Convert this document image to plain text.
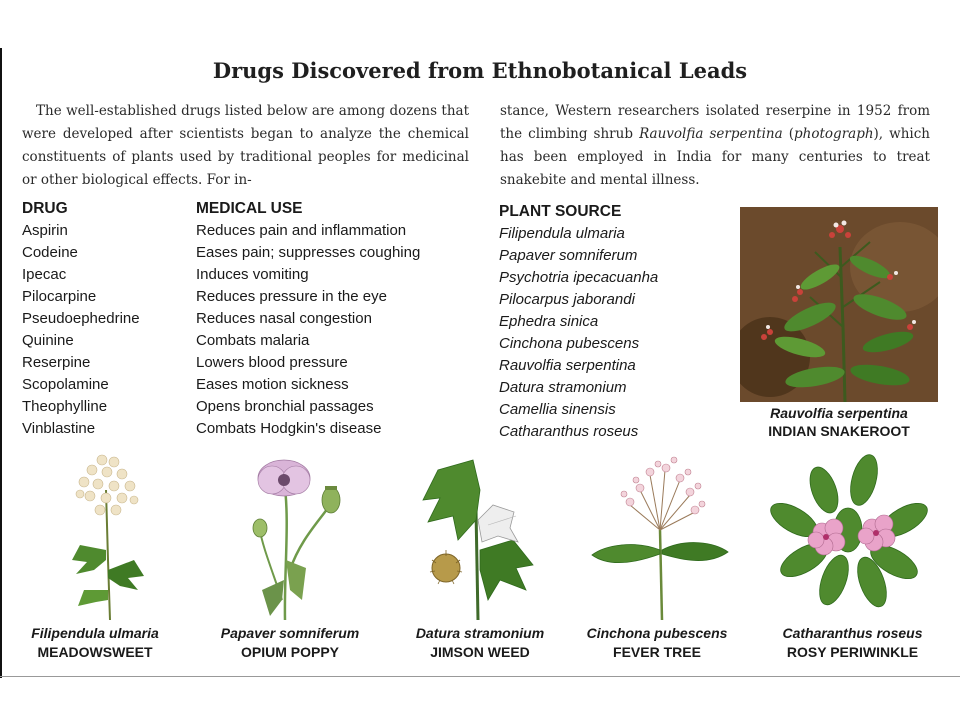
Drugs Discovered from Ethnobotanical Leads
The well-established drugs listed below are among dozens that were developed after scientists began to analyze the chemical constituents of plants used by traditional peoples for medicinal or other biological effects. For in-
stance, Western researchers isolated reserpine in 1952 from the climbing shrub Rauvolfia serpentina (photograph), which has been employed in India for many centuries to treat snakebite and mental illness.
DRUG
Aspirin
Codeine
Ipecac
Pilocarpine
Pseudoephedrine
Quinine
Reserpine
Scopolamine
Theophylline
Vinblastine
MEDICAL USE
Reduces pain and inflammation
Eases pain; suppresses coughing
Induces vomiting
Reduces pressure in the eye
Reduces nasal congestion
Combats malaria
Lowers blood pressure
Eases motion sickness
Opens bronchial passages
Combats Hodgkin's disease
PLANT SOURCE
Filipendula ulmaria
Papaver somniferum
Psychotria ipecacuanha
Pilocarpus jaborandi
Ephedra sinica
Cinchona pubescens
Rauvolfia serpentina
Datura stramonium
Camellia sinensis
Catharanthus roseus
Rauvolfia serpentina
INDIAN SNAKEROOT
Filipendula ulmaria
MEADOWSWEET
Papaver somniferum
OPIUM POPPY
Datura stramonium
JIMSON WEED
Cinchona pubescens
FEVER TREE
Catharanthus roseus
ROSY PERIWINKLE
